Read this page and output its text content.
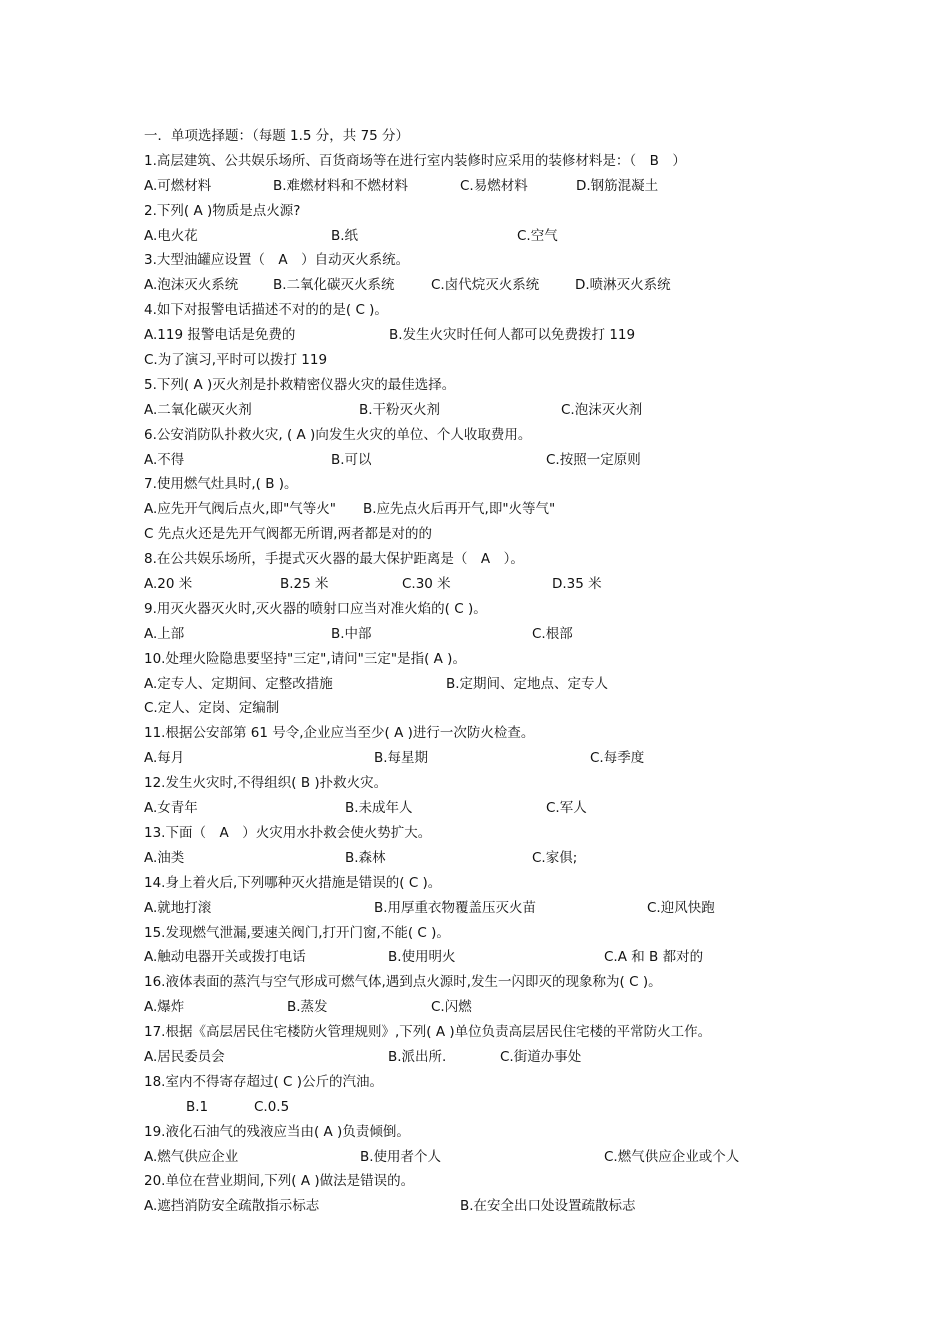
一．单项选择题：（每题 1.5 分，共 75 分）
1.高层建筑、公共娱乐场所、百货商场等在进行室内装修时应采用的装修材料是：（　B　）
A.可燃材料	B.难燃材料和不燃材料	C.易燃材料	D.钢筋混凝土
2.下列( A )物质是点火源?
A.电火花	B.纸	C.空气
3.大型油罐应设置（　A　）自动灭火系统。
A.泡沫灭火系统	B.二氧化碳灭火系统	C.卤代烷灭火系统	D.喷淋灭火系统
4.如下对报警电话描述不对的的是( C )。
A.119 报警电话是免费的	B.发生火灾时任何人都可以免费拨打 119
C.为了演习,平时可以拨打 119
5.下列( A )灭火剂是扑救精密仪器火灾的最佳选择。
A.二氧化碳灭火剂	B.干粉灭火剂	C.泡沫灭火剂
6.公安消防队扑救火灾, ( A )向发生火灾的单位、个人收取费用。
A.不得	B.可以	C.按照一定原则
7.使用燃气灶具时,( B )。
A.应先开气阀后点火,即"气等火" B.应先点火后再开气,即"火等气"
C 先点火还是先开气阀都无所谓,两者都是对的的
8.在公共娱乐场所，手提式灭火器的最大保护距离是（　A　）。
A.20 米	B.25 米	C.30 米	D.35 米
9.用灭火器灭火时,灭火器的喷射口应当对准火焰的( C )。
A.上部	B.中部	C.根部
10.处理火险隐患要坚持"三定",请问"三定"是指( A )。
A.定专人、定期间、定整改措施	B.定期间、定地点、定专人
C.定人、定岗、定编制
11.根据公安部第 61 号令,企业应当至少( A )进行一次防火检查。
A.每月	B.每星期	C.每季度
12.发生火灾时,不得组织( B )扑救火灾。
A.女青年	B.未成年人	C.军人
13.下面（　A　）火灾用水扑救会使火势扩大。
A.油类	B.森林	C.家俱;
14.身上着火后,下列哪种灭火措施是错误的( C )。
A.就地打滚	B.用厚重衣物覆盖压灭火苗	C.迎风快跑
15.发现燃气泄漏,要速关阀门,打开门窗,不能( C )。
A.触动电器开关或拨打电话	B.使用明火	C.A 和 B 都对的
16.液体表面的蒸汽与空气形成可燃气体,遇到点火源时,发生一闪即灭的现象称为( C )。
A.爆炸	B.蒸发	C.闪燃
17.根据《高层居民住宅楼防火管理规则》,下列( A )单位负责高层居民住宅楼的平常防火工作。
A.居民委员会	B.派出所.	C.街道办事处
18.室内不得寄存超过( C )公斤的汽油。
B.1	C.0.5
19.液化石油气的残液应当由( A )负责倾倒。
A.燃气供应企业	B.使用者个人	C.燃气供应企业或个人
20.单位在营业期间,下列( A )做法是错误的。
A.遮挡消防安全疏散指示标志	B.在安全出口处设置疏散标志
